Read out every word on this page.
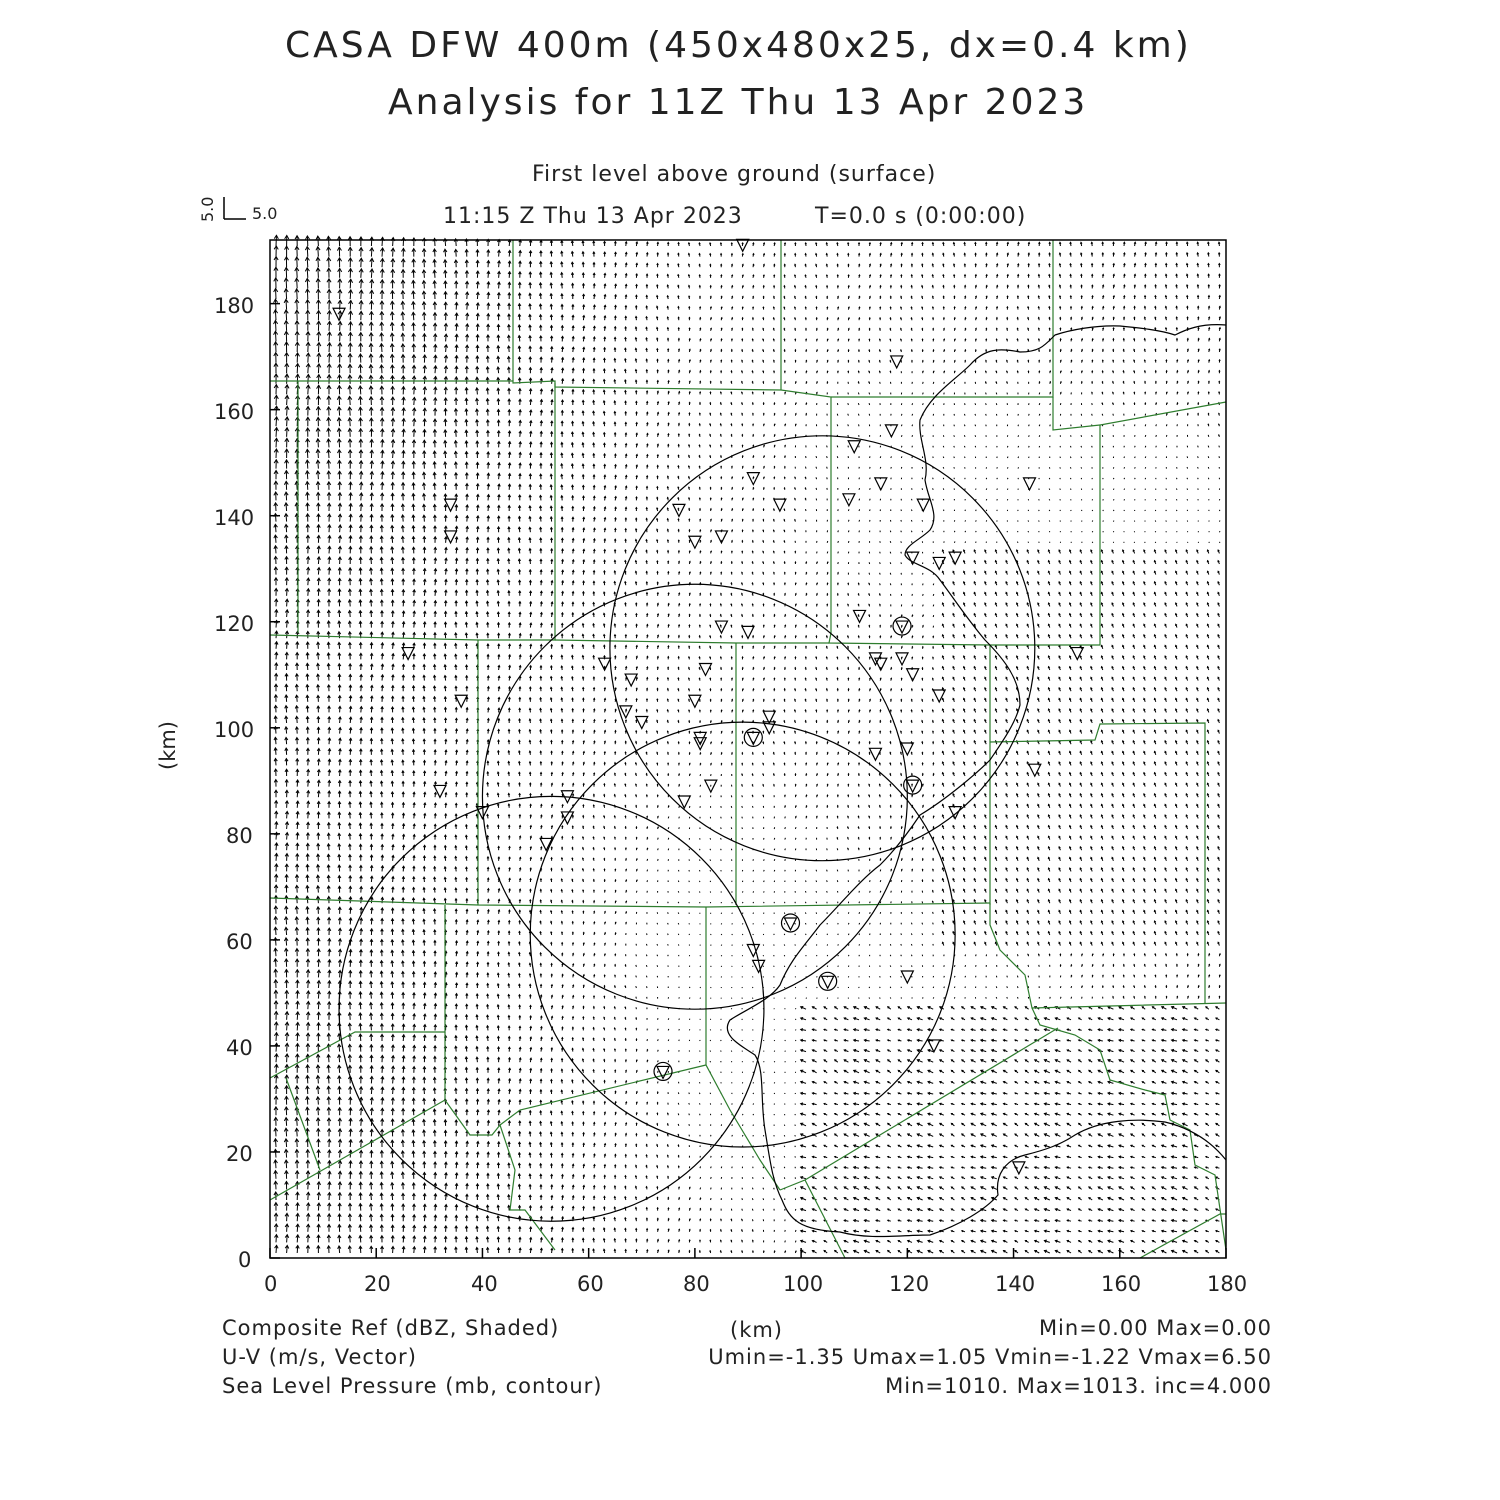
CASA DFW 400m (450x480x25, dx=0.4 km)
Analysis for 11Z Thu 13 Apr 2023
First level above ground (surface)
11:15 Z Thu 13 Apr 2023	T=0.0 s (0:00:00)
5.0
5.0
(km)
0	20	40	60	80	100	120	140	160	180
0
20
40
60
80
100
120
140
160
180
Composite Ref (dBZ, Shaded)	(km)	Min=0.00 Max=0.00
U-V (m/s, Vector)	Umin=-1.35 Umax=1.05 Vmin=-1.22 Vmax=6.50
Sea Level Pressure (mb, contour)	Min=1010. Max=1013. inc=4.000
